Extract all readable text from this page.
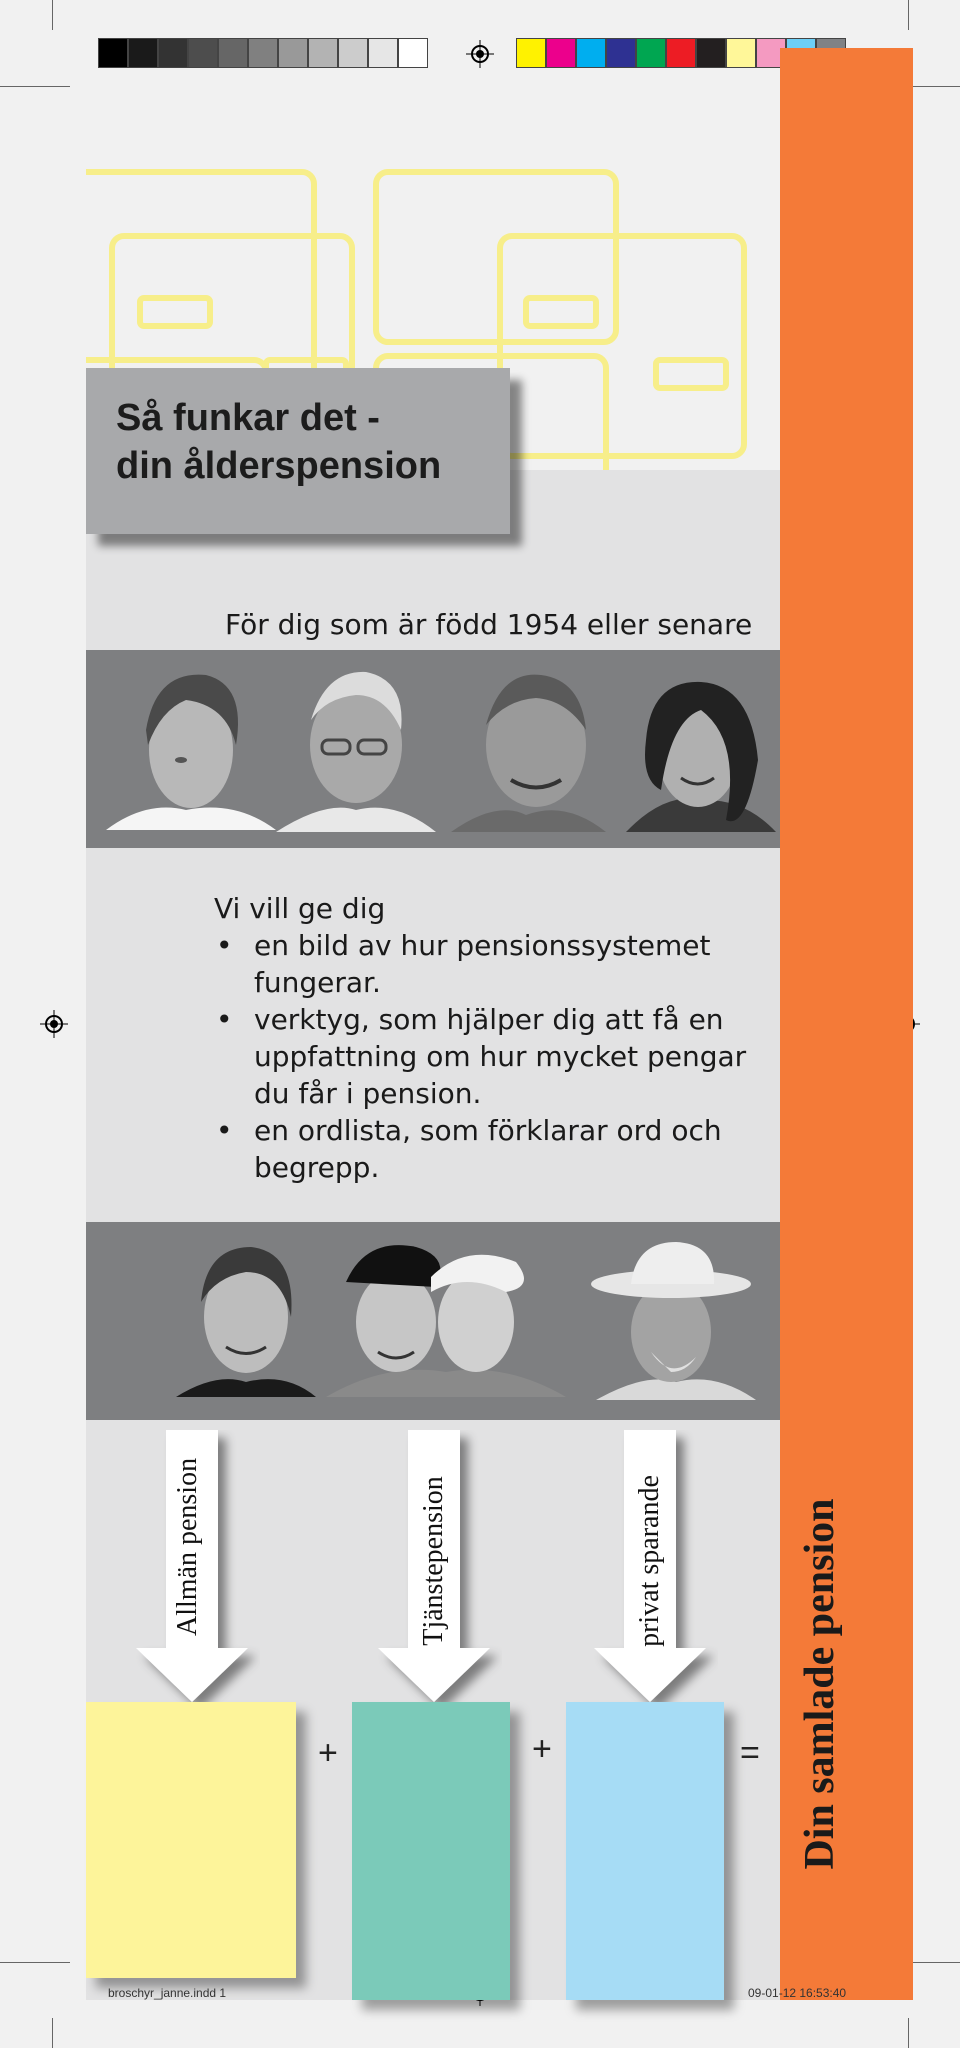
Så funkar det -
din ålderspension
För dig som är född 1954 eller senare
Vi vill ge dig
• en bild av hur pensionssystemet fungerar.
• verktyg, som hjälper dig att få en uppfattning om hur mycket pengar du får i pension.
• en ordlista, som förklarar ord och begrepp.
Allmän pension	Tjänstepension	privat sparande
+	+	= Din samlade pension
broschyr_janne.indd 1	09-01-12 16:53:40
